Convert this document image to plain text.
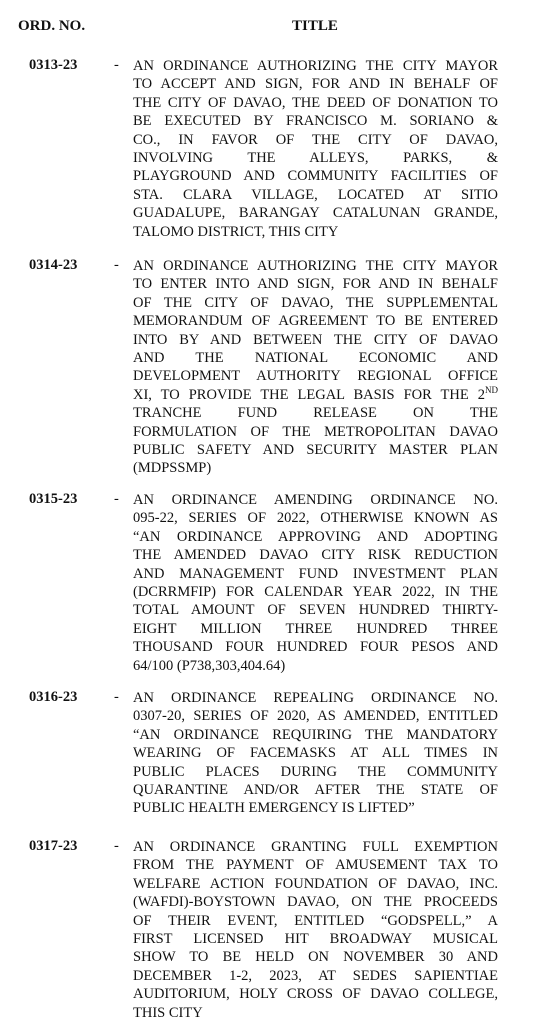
ORD. NO.	TITLE
0313-23	- AN ORDINANCE AUTHORIZING THE CITY MAYOR
TO ACCEPT AND SIGN, FOR AND IN BEHALF OF
THE CITY OF DAVAO, THE DEED OF DONATION TO
BE EXECUTED BY FRANCISCO M. SORIANO &
CO., IN FAVOR OF THE CITY OF DAVAO,
INVOLVING THE ALLEYS, PARKS, &
PLAYGROUND AND COMMUNITY FACILITIES OF
STA. CLARA VILLAGE, LOCATED AT SITIO
GUADALUPE, BARANGAY CATALUNAN GRANDE,
TALOMO DISTRICT, THIS CITY
0314-23	- AN ORDINANCE AUTHORIZING THE CITY MAYOR
TO ENTER INTO AND SIGN, FOR AND IN BEHALF
OF THE CITY OF DAVAO, THE SUPPLEMENTAL
MEMORANDUM OF AGREEMENT TO BE ENTERED
INTO BY AND BETWEEN THE CITY OF DAVAO
AND THE NATIONAL ECONOMIC AND
DEVELOPMENT AUTHORITY REGIONAL OFFICE
XI, TO PROVIDE THE LEGAL BASIS FOR THE 2ND
TRANCHE FUND RELEASE ON THE
FORMULATION OF THE METROPOLITAN DAVAO
PUBLIC SAFETY AND SECURITY MASTER PLAN
(MDPSSMP)
0315-23	- AN ORDINANCE AMENDING ORDINANCE NO.
095-22, SERIES OF 2022, OTHERWISE KNOWN AS
“AN ORDINANCE APPROVING AND ADOPTING
THE AMENDED DAVAO CITY RISK REDUCTION
AND MANAGEMENT FUND INVESTMENT PLAN
(DCRRMFIP) FOR CALENDAR YEAR 2022, IN THE
TOTAL AMOUNT OF SEVEN HUNDRED THIRTY-
EIGHT MILLION THREE HUNDRED THREE
THOUSAND FOUR HUNDRED FOUR PESOS AND
64/100 (P738,303,404.64)
0316-23	- AN ORDINANCE REPEALING ORDINANCE NO.
0307-20, SERIES OF 2020, AS AMENDED, ENTITLED
“AN ORDINANCE REQUIRING THE MANDATORY
WEARING OF FACEMASKS AT ALL TIMES IN
PUBLIC PLACES DURING THE COMMUNITY
QUARANTINE AND/OR AFTER THE STATE OF
PUBLIC HEALTH EMERGENCY IS LIFTED”
0317-23	- AN ORDINANCE GRANTING FULL EXEMPTION
FROM THE PAYMENT OF AMUSEMENT TAX TO
WELFARE ACTION FOUNDATION OF DAVAO, INC.
(WAFDI)-BOYSTOWN DAVAO, ON THE PROCEEDS
OF THEIR EVENT, ENTITLED “GODSPELL,” A
FIRST LICENSED HIT BROADWAY MUSICAL
SHOW TO BE HELD ON NOVEMBER 30 AND
DECEMBER 1-2, 2023, AT SEDES SAPIENTIAE
AUDITORIUM, HOLY CROSS OF DAVAO COLLEGE,
THIS CITY
